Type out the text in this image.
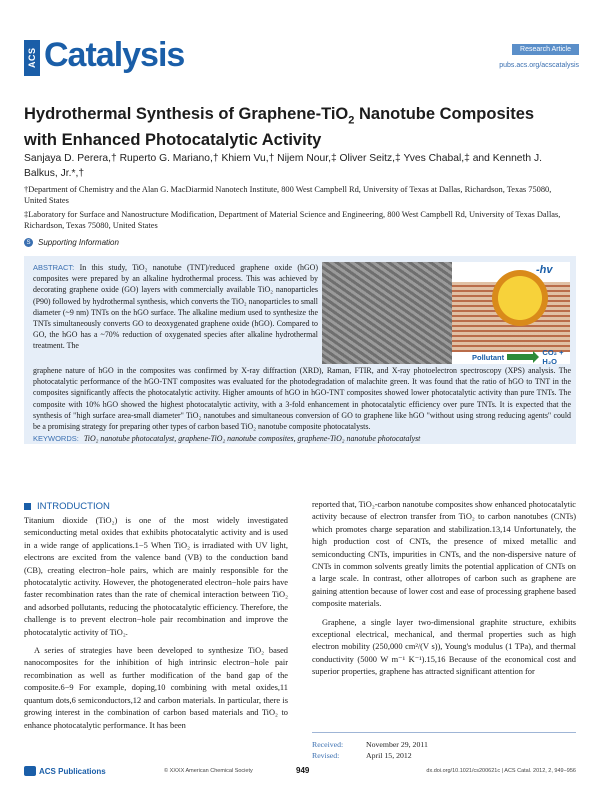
ACS Catalysis	Research Article
pubs.acs.org/acscatalysis
Hydrothermal Synthesis of Graphene-TiO$_2$ Nanotube Composites with Enhanced Photocatalytic Activity
Sanjaya D. Perera,† Ruperto G. Mariano,† Khiem Vu,† Nijem Nour,‡ Oliver Seitz,‡ Yves Chabal,‡ and Kenneth J. Balkus, Jr.*,†
†Department of Chemistry and the Alan G. MacDiarmid Nanotech Institute, 800 West Campbell Rd, University of Texas at Dallas, Richardson, Texas 75080, United States
‡Laboratory for Surface and Nanostructure Modification, Department of Material Science and Engineering, 800 West Campbell Rd, University of Texas Dallas, Richardson, Texas 75080, United States
S Supporting Information
ABSTRACT: In this study, TiO₂ nanotube (TNT)/reduced graphene oxide (hGO) composites were prepared by an alkaline hydrothermal process. This was achieved by decorating graphene oxide (GO) layers with commercially available TiO₂ nanoparticles (P90) followed by hydrothermal synthesis, which converts the TiO₂ nanoparticles to small diameter (~9 nm) TNTs on the hGO surface. The alkaline medium used to synthesize the TNTs simultaneously converts GO to deoxygenated graphene oxide (hGO). Compared to GO, the hGO has a ~70% reduction of oxygenated species after alkaline hydrothermal treatment. The
-hv
Pollutant → CO₂ + H₂O
graphene nature of hGO in the composites was confirmed by X-ray diffraction (XRD), Raman, FTIR, and X-ray photoelectron spectroscopy (XPS) analysis. The photocatalytic performance of the hGO-TNT composites was evaluated for the photodegradation of malachite green. It was found that the ratio of hGO to TNT in the composites significantly affects the photocatalytic activity. Higher amounts of hGO in hGO-TNT composites showed lower photocatalytic activity than pure TNTs. The composite with 10% hGO showed the highest photocatalytic activity, with a 3-fold enhancement in photocatalytic efficiency over pure TNTs. It is expected that the synthesis of "high surface area-small diameter" TiO₂ nanotubes and simultaneous conversion of GO to graphene like hGO "without using strong reducing agents" could be a promising strategy for preparing other types of carbon based TiO₂ nanotube composite photocatalysts.
KEYWORDS: TiO₂ nanotube photocatalyst, graphene-TiO₂ nanotube composites, graphene-TiO₂ nanotube photocatalyst
INTRODUCTION

Titanium dioxide (TiO₂) is one of the most widely investigated semiconducting metal oxides that exhibits photocatalytic activity and is used in a wide range of applications.1−5 When TiO₂ is irradiated with UV light, electrons are excited from the valence band (VB) to the conduction band (CB), creating electron−hole pairs, which are mainly responsible for the photocatalytic activity. However, the photogenerated electron−hole pairs have faster recombination rates than the rate of chemical interaction between TiO₂ and adsorbed pollutants, reducing the photocatalytic efficiency. Therefore, the challenge is to prevent electron−hole pair recombination and improve the photocatalytic activity of TiO₂.

A series of strategies have been developed to synthesize TiO₂ based nanocomposites for the inhibition of high intrinsic electron−hole pair recombination as well as further modification of the band gap of the composite.6−9 For example, doping,10 combining with metal oxides,11 quantum dots,6 semiconductors,12 and carbon materials. In particular, there is growing interest in the combination of carbon based materials and TiO₂ to enhance photocatalytic performance. It has been

reported that, TiO₂-carbon nanotube composites show enhanced photocatalytic activity because of electron transfer from TiO₂ to carbon nanotubes (CNTs) which promotes charge separation and stabilization.13,14 Unfortunately, the high production cost of CNTs, the presence of mixed metallic and semiconducting CNTs, impurities in CNTs, and the non-dispersive nature of CNTs in common solvents greatly limits the potential application of CNTs on a large scale. In contrast, other allotropes of carbon such as graphene are gaining attention because of lower cost and ease of processing graphene based composite materials.

Graphene, a single layer two-dimensional graphite structure, exhibits exceptional electrical, mechanical, and thermal properties such as high electron mobility (250,000 cm²/(V s)), Young's modulus (1 TPa), and thermal conductivity (5000 W m⁻¹ K⁻¹).15,16 Because of the economical cost and superior properties, graphene has attracted significant attention for

Received:	November 29, 2011
Revised:	April 15, 2012
ACS Publications	© XXXX American Chemical Society	949	dx.doi.org/10.1021/cs200621c | ACS Catal. 2012, 2, 949−956
